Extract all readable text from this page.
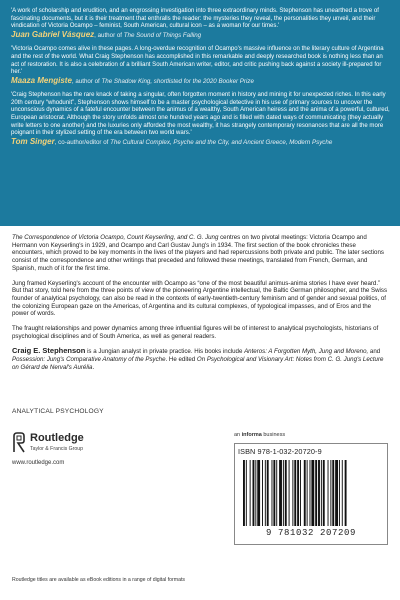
'A work of scholarship and erudition, and an engrossing investigation into three extraordinary minds. Stephenson has unearthed a trove of fascinating documents, but it is their treatment that enthralls the reader: the mysteries they reveal, the personalities they unveil, and their vindication of Victoria Ocampo – feminist, South American, cultural icon – as a woman for our times.'

Juan Gabriel Vásquez, author of The Sound of Things Falling

'Victoria Ocampo comes alive in these pages. A long-overdue recognition of Ocampo's massive influence on the literary culture of Argentina and the rest of the world. What Craig Stephenson has accomplished in this remarkable and deeply researched book is nothing less than an act of restoration. It is also a celebration of a brilliant South American writer, editor, and critic pushing back against a society ill-prepared for her.'

Maaza Mengiste, author of The Shadow King, shortlisted for the 2020 Booker Prize

'Craig Stephenson has the rare knack of taking a singular, often forgotten moment in history and mining it for unexpected riches. In this early 20th century “whodunit”, Stephenson shows himself to be a master psychological detective in his use of primary sources to uncover the unconscious dynamics of a fateful encounter between the animus of a wealthy, South American heiress and the anima of a powerful, cultured, European aristocrat. Although the story unfolds almost one hundred years ago and is filled with dated ways of communicating (they actually write letters to one another) and the luxuries only afforded the most wealthy, it has strangely contemporary resonances that are all the more poignant in their stylized setting of the era between two world wars.'

Tom Singer, co-author/editor of The Cultural Complex, Psyche and the City, and Ancient Greece, Modern Psyche

The Correspondence of Victoria Ocampo, Count Keyserling, and C. G. Jung centres on two pivotal meetings: Victoria Ocampo and Hermann von Keyserling's in 1929, and Ocampo and Carl Gustav Jung's in 1934. The first section of the book chronicles these encounters, which proved to be key moments in the lives of the players and had repercussions both private and public. The later sections consist of the correspondence and other writings that preceded and followed these meetings, translated from French, German, and Spanish, much of it for the first time.

Jung framed Keyserling's account of the encounter with Ocampo as “one of the most beautiful animus-anima stories I have ever heard.” But that story, told here from the three points of view of the pioneering Argentine intellectual, the Baltic German philosopher, and the Swiss founder of analytical psychology, can also be read in the contexts of early-twentieth-century feminism and of gender and sexual politics, of the colonizing European gaze on the Americas, of Argentina and its cultural complexes, of typological impasses, and of Eros and the power of words.

The fraught relationships and power dynamics among three influential figures will be of interest to analytical psychologists, historians of psychological disciplines and of South America, as well as general readers.

Craig E. Stephenson is a Jungian analyst in private practice. His books include Anteros: A Forgotten Myth, Jung and Moreno, and Possession: Jung's Comparative Anatomy of the Psyche. He edited On Psychological and Visionary Art: Notes from C. G. Jung's Lecture on Gérard de Nerval's Aurélia.

ANALYTICAL PSYCHOLOGY

Routledge
Taylor & Francis Group
www.routledge.com
an informa business
ISBN 978-1-032-20720-9
9 781032 207209
Routledge titles are available as eBook editions in a range of digital formats
